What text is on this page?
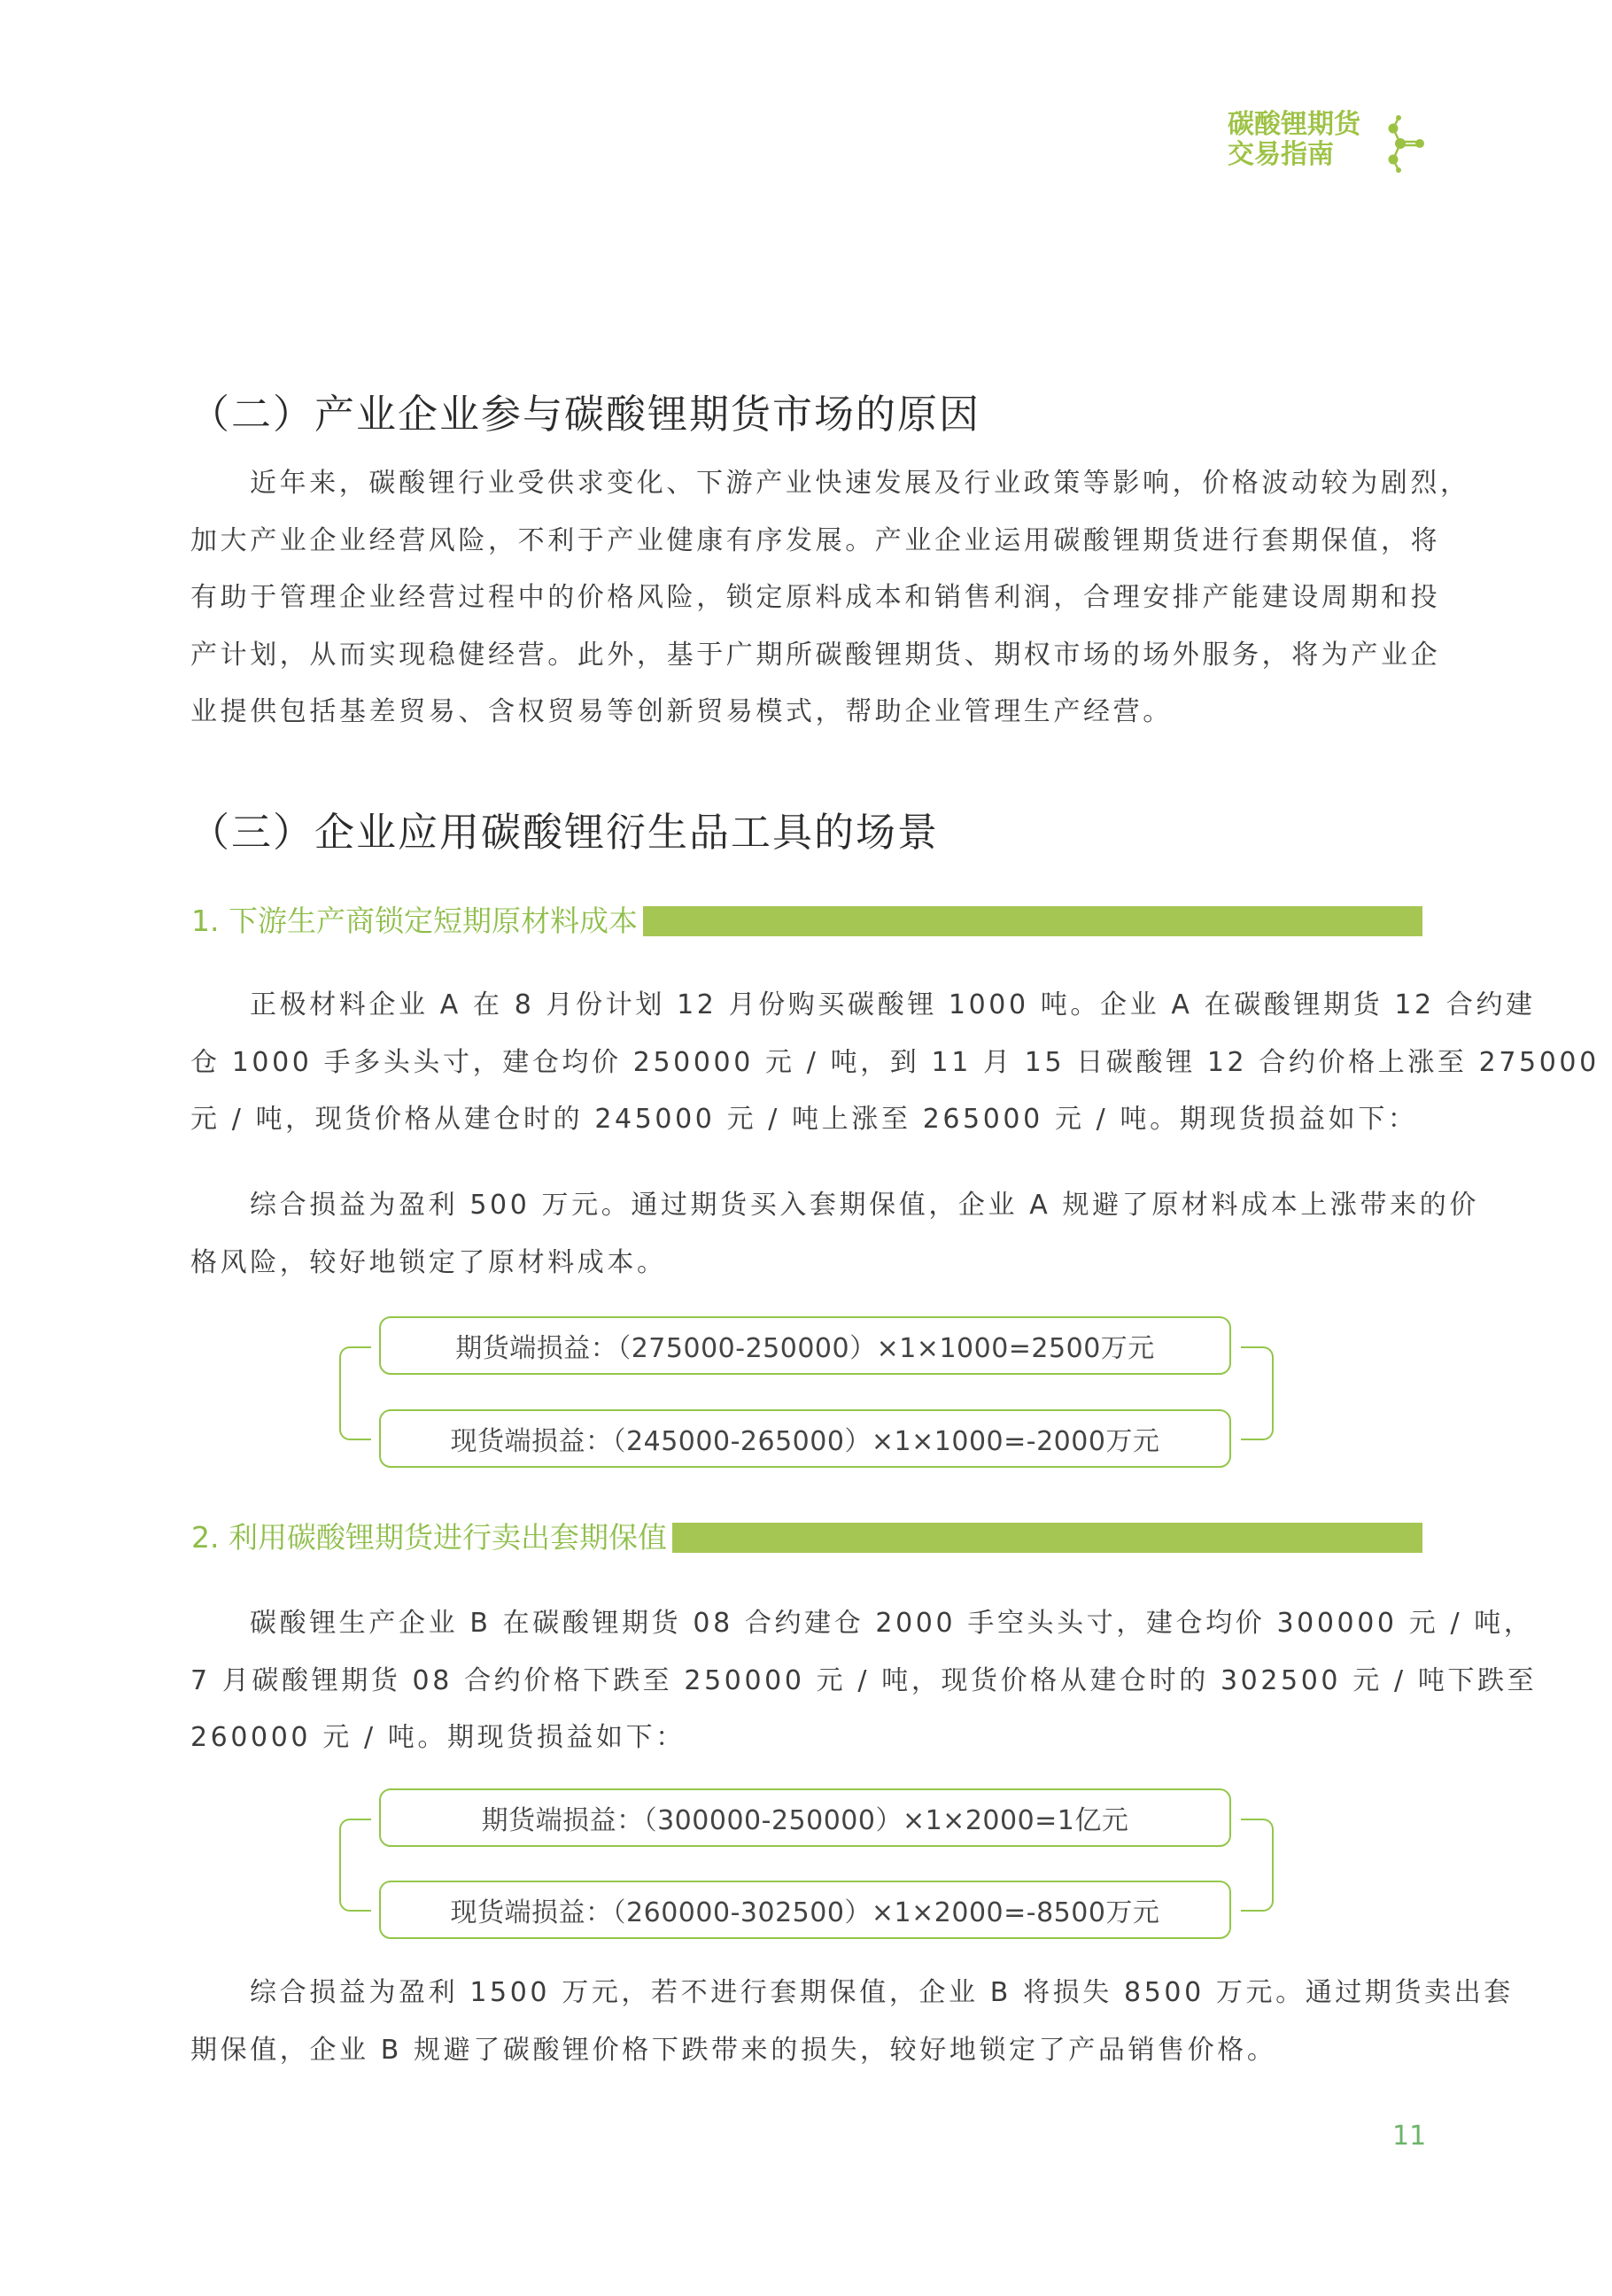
碳酸锂期货
交易指南
（二）产业企业参与碳酸锂期货市场的原因
近年来，碳酸锂行业受供求变化、下游产业快速发展及行业政策等影响，价格波动较为剧烈，
加大产业企业经营风险，不利于产业健康有序发展。产业企业运用碳酸锂期货进行套期保值，将
有助于管理企业经营过程中的价格风险，锁定原料成本和销售利润，合理安排产能建设周期和投
产计划，从而实现稳健经营。此外，基于广期所碳酸锂期货、期权市场的场外服务，将为产业企
业提供包括基差贸易、含权贸易等创新贸易模式，帮助企业管理生产经营。
（三）企业应用碳酸锂衍生品工具的场景
1. 下游生产商锁定短期原材料成本
正极材料企业 A 在 8 月份计划 12 月份购买碳酸锂 1000 吨。企业 A 在碳酸锂期货 12 合约建
仓 1000 手多头头寸，建仓均价 250000 元 / 吨，到 11 月 15 日碳酸锂 12 合约价格上涨至 275000
元 / 吨，现货价格从建仓时的 245000 元 / 吨上涨至 265000 元 / 吨。期现货损益如下：
综合损益为盈利 500 万元。通过期货买入套期保值，企业 A 规避了原材料成本上涨带来的价
格风险，较好地锁定了原材料成本。
期货端损益：（275000-250000）×1×1000=2500万元
现货端损益：（245000-265000）×1×1000=-2000万元
2. 利用碳酸锂期货进行卖出套期保值
碳酸锂生产企业 B 在碳酸锂期货 08 合约建仓 2000 手空头头寸，建仓均价 300000 元 / 吨，
7 月碳酸锂期货 08 合约价格下跌至 250000 元 / 吨，现货价格从建仓时的 302500 元 / 吨下跌至
260000 元 / 吨。期现货损益如下：
期货端损益：（300000-250000）×1×2000=1亿元
现货端损益：（260000-302500）×1×2000=-8500万元
综合损益为盈利 1500 万元，若不进行套期保值，企业 B 将损失 8500 万元。通过期货卖出套
期保值，企业 B 规避了碳酸锂价格下跌带来的损失，较好地锁定了产品销售价格。
11
